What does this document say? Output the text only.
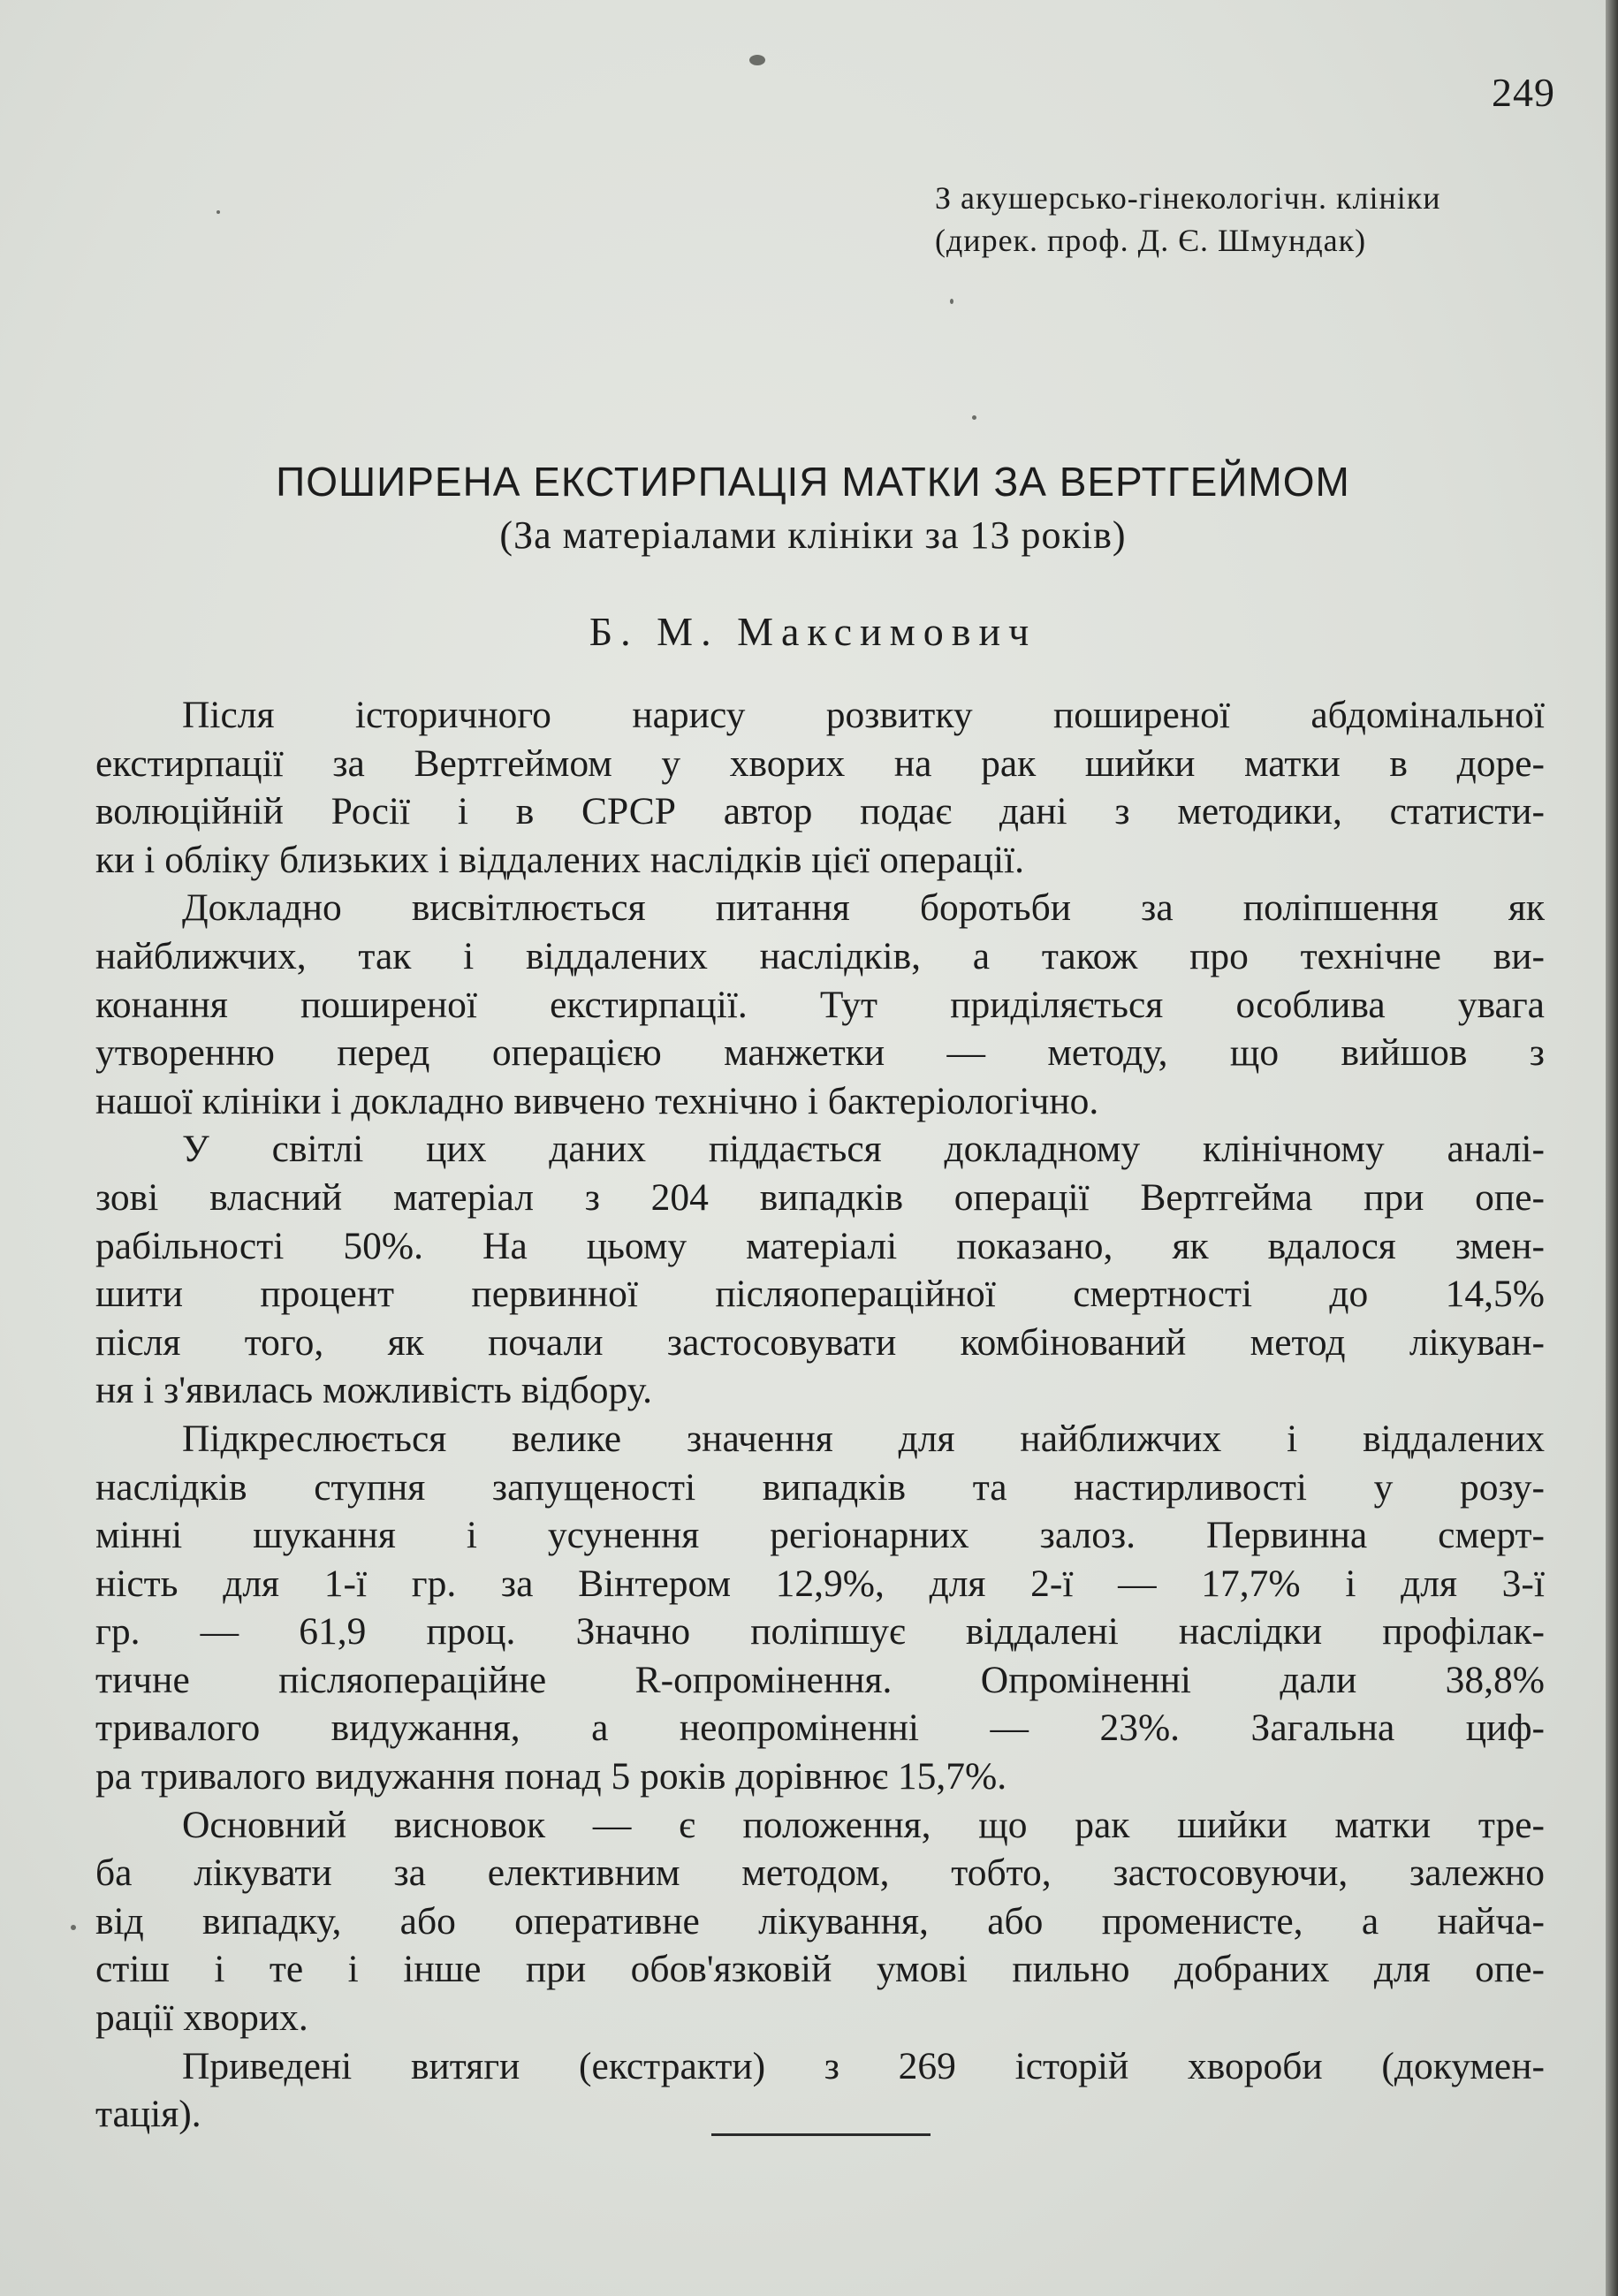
249
З акушерсько-гінекологічн. клініки
(дирек. проф. Д. Є. Шмундак)
ПОШИРЕНА ЕКСТИРПАЦІЯ МАТКИ ЗА ВЕРТГЕЙМОМ
(За матеріалами клініки за 13 років)
Б. М. Максимович
Після історичного нарису розвитку поширеної абдомінальної
екстирпації за Вертгеймом у хворих на рак шийки матки в доре-
волюційній Росії і в СРСР автор подає дані з методики, статисти-
ки і обліку близьких і віддалених наслідків цієї операції.
Докладно висвітлюється питання боротьби за поліпшення як
найближчих, так і віддалених наслідків, а також про технічне ви-
конання поширеної екстирпації. Тут приділяється особлива увага
утворенню перед операцією манжетки — методу, що вийшов з
нашої клініки і докладно вивчено технічно і бактеріологічно.
У світлі цих даних піддається докладному клінічному аналі-
зові власний матеріал з 204 випадків операції Вертгейма при опе-
рабільності 50%. На цьому матеріалі показано, як вдалося змен-
шити процент первинної післяопераційної смертності до 14,5%
після того, як почали застосовувати комбінований метод лікуван-
ня і з'явилась можливість відбору.
Підкреслюється велике значення для найближчих і віддалених
наслідків ступня запущеності випадків та настирливості у розу-
мінні шукання і усунення регіонарних залоз. Первинна смерт-
ність для 1-ї гр. за Вінтером 12,9%, для 2-ї — 17,7% і для 3-ї
гр. — 61,9 проц. Значно поліпшує віддалені наслідки профілак-
тичне післяопераційне R-опромінення. Опроміненні дали 38,8%
тривалого видужання, а неопроміненні — 23%. Загальна циф-
ра тривалого видужання понад 5 років дорівнює 15,7%.
Основний висновок — є положення, що рак шийки матки тре-
ба лікувати за елективним методом, тобто, застосовуючи, залежно
від випадку, або оперативне лікування, або променисте, а найча-
стіш і те і інше при обов'язковій умові пильно добраних для опе-
рації хворих.
Приведені витяги (екстракти) з 269 історій хвороби (докумен-
тація).
